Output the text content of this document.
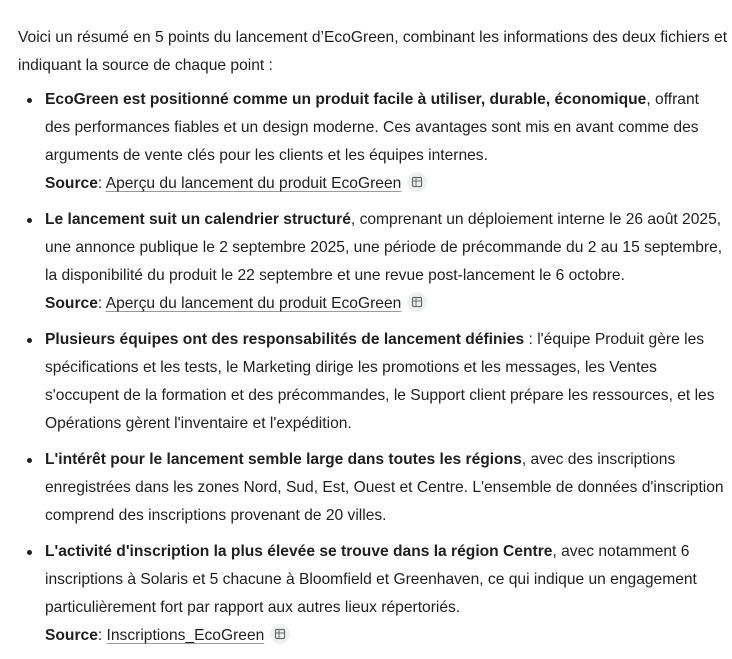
Voici un résumé en 5 points du lancement d’EcoGreen, combinant les informations des deux fichiers et indiquant la source de chaque point :

EcoGreen est positionné comme un produit facile à utiliser, durable, économique, offrant des performances fiables et un design moderne. Ces avantages sont mis en avant comme des arguments de vente clés pour les clients et les équipes internes.
Source: Aperçu du lancement du produit EcoGreen
Le lancement suit un calendrier structuré, comprenant un déploiement interne le 26 août 2025, une annonce publique le 2 septembre 2025, une période de précommande du 2 au 15 septembre, la disponibilité du produit le 22 septembre et une revue post-lancement le 6 octobre.
Source: Aperçu du lancement du produit EcoGreen
Plusieurs équipes ont des responsabilités de lancement définies : l'équipe Produit gère les spécifications et les tests, le Marketing dirige les promotions et les messages, les Ventes s'occupent de la formation et des précommandes, le Support client prépare les ressources, et les Opérations gèrent l'inventaire et l'expédition.
L'intérêt pour le lancement semble large dans toutes les régions, avec des inscriptions enregistrées dans les zones Nord, Sud, Est, Ouest et Centre. L'ensemble de données d'inscription comprend des inscriptions provenant de 20 villes.
L'activité d'inscription la plus élevée se trouve dans la région Centre, avec notamment 6 inscriptions à Solaris et 5 chacune à Bloomfield et Greenhaven, ce qui indique un engagement particulièrement fort par rapport aux autres lieux répertoriés.
Source: Inscriptions_EcoGreen
